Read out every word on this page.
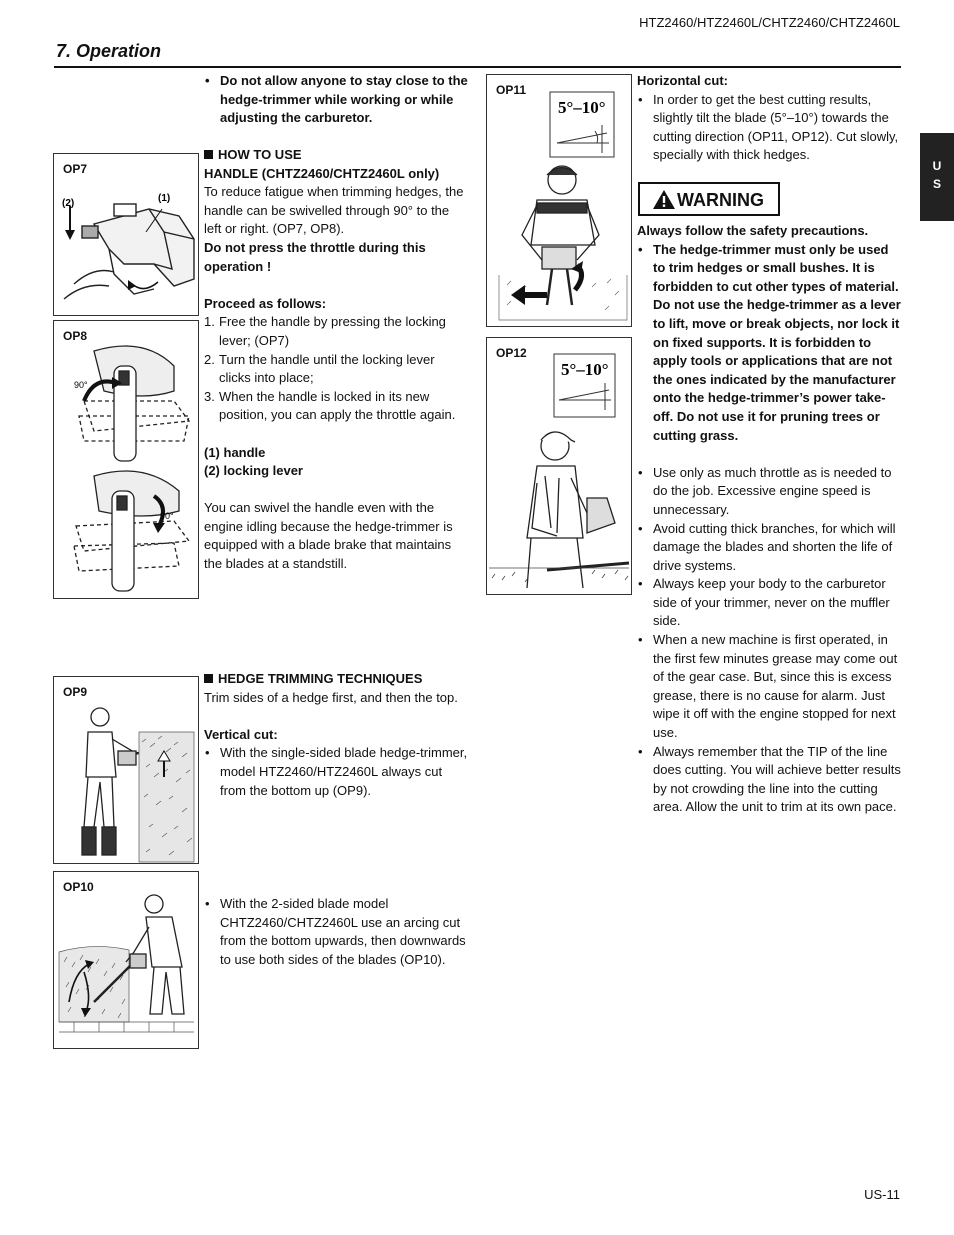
HTZ2460/HTZ2460L/CHTZ2460/CHTZ2460L
7. Operation
U
S
OP7
(2)	(1)
OP8
90°
90°
OP9
OP10
• Do not allow anyone to stay close to the hedge-trimmer while working or while adjusting the carburetor.
HOW TO USE
HANDLE (CHTZ2460/CHTZ2460L only)
To reduce fatigue when trimming hedges, the handle can be swivelled through 90° to the left or right. (OP7, OP8).
Do not press the throttle during this operation !
Proceed as follows:
1. Free the handle by pressing the locking lever; (OP7)
2. Turn the handle until the locking lever clicks into place;
3. When the handle is locked in its new position, you can apply the throttle again.
(1) handle
(2) locking lever
You can swivel the handle even with the engine idling because the hedge-trimmer is equipped with a blade brake that maintains the blades at a standstill.
HEDGE TRIMMING TECHNIQUES
Trim sides of a hedge first, and then the top.
Vertical cut:
• With the single-sided blade hedge-trimmer, model HTZ2460/HTZ2460L always cut from the bottom up (OP9).
• With the 2-sided blade model CHTZ2460/CHTZ2460L use an arcing cut from the bottom upwards, then downwards to use both sides of the blades (OP10).
OP11
5°–10°
OP12
5°–10°
Horizontal cut:
• In order to get the best cutting results, slightly tilt the blade (5°–10°) towards the cutting direction (OP11, OP12). Cut slowly, specially with thick hedges.
WARNING
Always follow the safety precautions.
• The hedge-trimmer must only be used to trim hedges or small bushes. It is forbidden to cut other types of material. Do not use the hedge-trimmer as a lever to lift, move or break objects, nor lock it on fixed supports. It is forbidden to apply tools or applications that are not the ones indicated by the manufacturer onto the hedge-trimmer’s power take-off. Do not use it for pruning trees or cutting grass.
• Use only as much throttle as is needed to do the job. Excessive engine speed is unnecessary.
• Avoid cutting thick branches, for which will damage the blades and shorten the life of drive systems.
• Always keep your body to the carburetor side of your trimmer, never on the muffler side.
• When a new machine is first operated, in the first few minutes grease may come out of the gear case. But, since this is excess grease, there is no cause for alarm. Just wipe it off with the engine stopped for next use.
• Always remember that the TIP of the line does cutting. You will achieve better results by not crowding the line into the cutting area. Allow the unit to trim at its own pace.
US-11
